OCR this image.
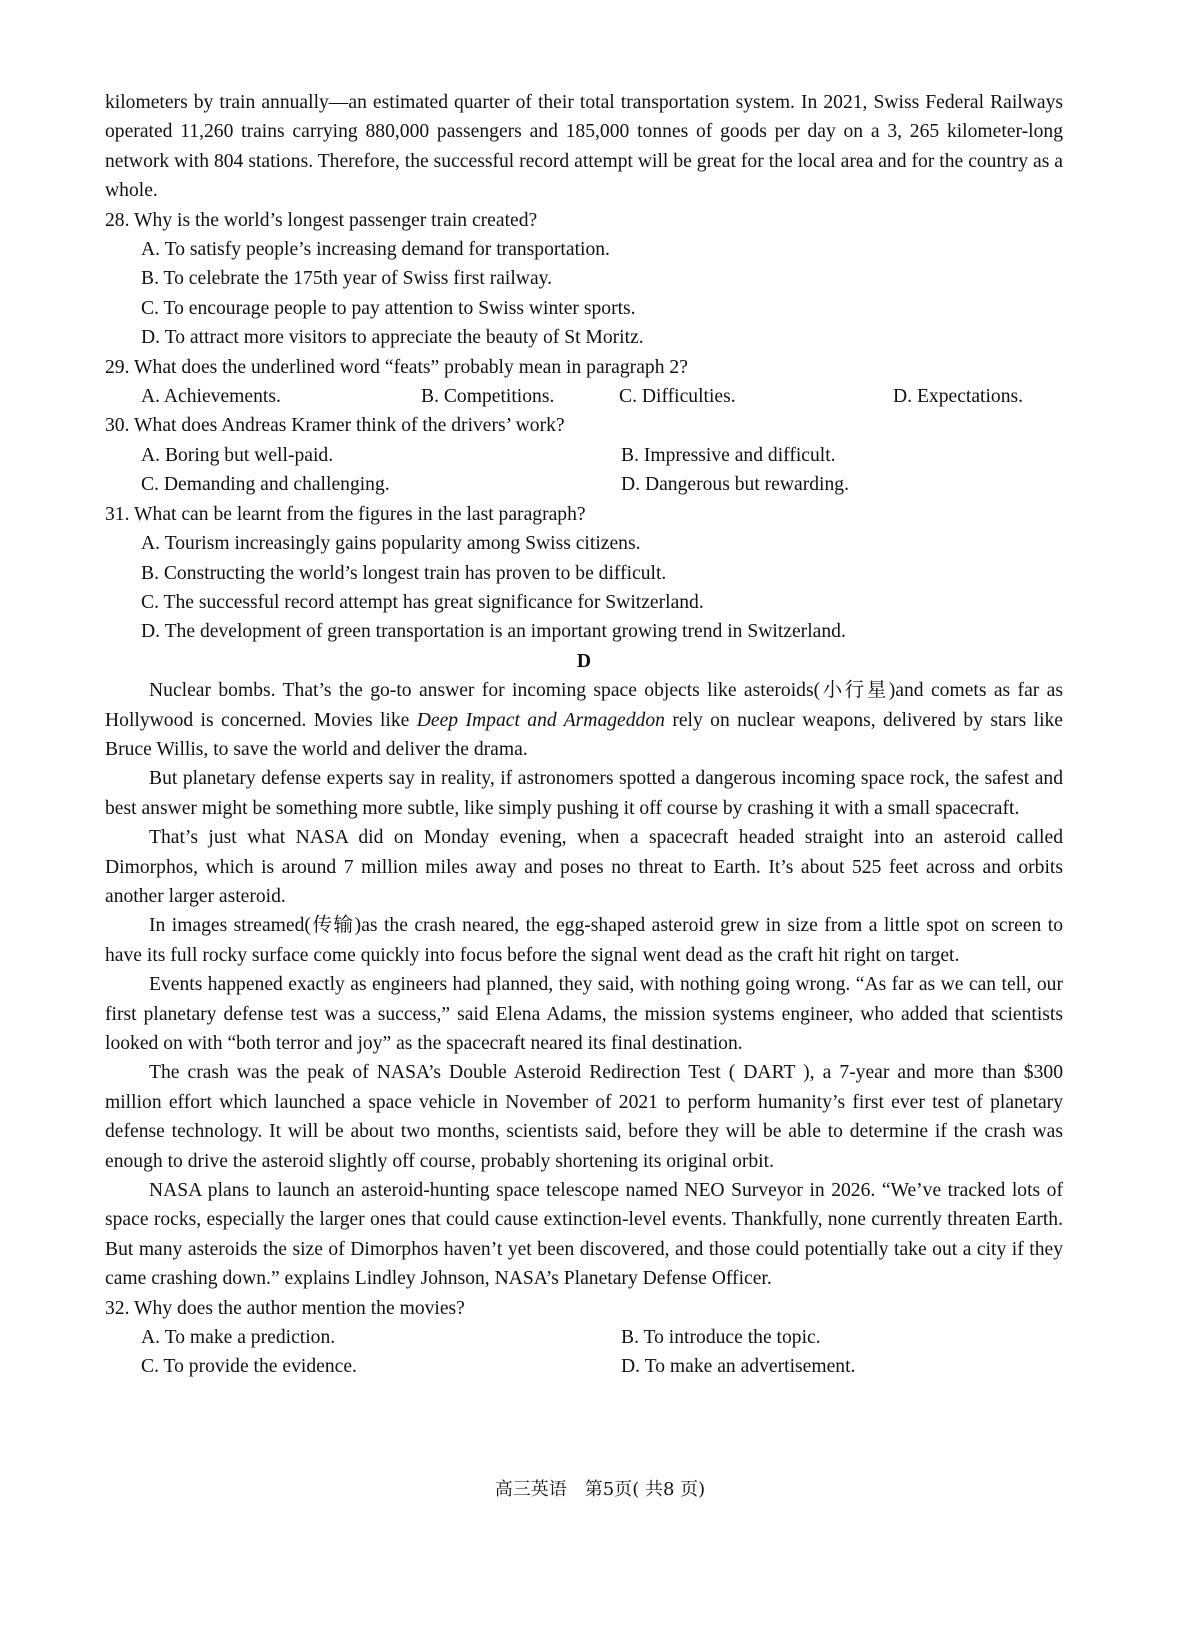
kilometers by train annually—an estimated quarter of their total transportation system. In 2021, Swiss Federal Railways operated 11,260 trains carrying 880,000 passengers and 185,000 tonnes of goods per day on a 3, 265 kilometer-long network with 804 stations. Therefore, the successful record attempt will be great for the local area and for the country as a whole.

28. Why is the world’s longest passenger train created?

A. To satisfy people’s increasing demand for transportation.

B. To celebrate the 175th year of Swiss first railway.

C. To encourage people to pay attention to Swiss winter sports.

D. To attract more visitors to appreciate the beauty of St Moritz.

29. What does the underlined word “feats” probably mean in paragraph 2?

A. Achievements.	B. Competitions.	C. Difficulties.	D. Expectations.

30. What does Andreas Kramer think of the drivers’ work?

A. Boring but well-paid.	B. Impressive and difficult.
C. Demanding and challenging.	D. Dangerous but rewarding.

31. What can be learnt from the figures in the last paragraph?

A. Tourism increasingly gains popularity among Swiss citizens.

B. Constructing the world’s longest train has proven to be difficult.

C. The successful record attempt has great significance for Switzerland.

D. The development of green transportation is an important growing trend in Switzerland.

D

Nuclear bombs. That’s the go-to answer for incoming space objects like asteroids(小行星)and comets as far as Hollywood is concerned. Movies like Deep Impact and Armageddon rely on nuclear weapons, delivered by stars like Bruce Willis, to save the world and deliver the drama.

But planetary defense experts say in reality, if astronomers spotted a dangerous incoming space rock, the safest and best answer might be something more subtle, like simply pushing it off course by crashing it with a small spacecraft.

That’s just what NASA did on Monday evening, when a spacecraft headed straight into an asteroid called Dimorphos, which is around 7 million miles away and poses no threat to Earth. It’s about 525 feet across and orbits another larger asteroid.

In images streamed(传输)as the crash neared, the egg-shaped asteroid grew in size from a little spot on screen to have its full rocky surface come quickly into focus before the signal went dead as the craft hit right on target.

Events happened exactly as engineers had planned, they said, with nothing going wrong. “As far as we can tell, our first planetary defense test was a success,” said Elena Adams, the mission systems engineer, who added that scientists looked on with “both terror and joy” as the spacecraft neared its final destination.

The crash was the peak of NASA’s Double Asteroid Redirection Test ( DART ), a 7-year and more than $300 million effort which launched a space vehicle in November of 2021 to perform humanity’s first ever test of planetary defense technology. It will be about two months, scientists said, before they will be able to determine if the crash was enough to drive the asteroid slightly off course, probably shortening its original orbit.

NASA plans to launch an asteroid-hunting space telescope named NEO Surveyor in 2026. “We’ve tracked lots of space rocks, especially the larger ones that could cause extinction-level events. Thankfully, none currently threaten Earth. But many asteroids the size of Dimorphos haven’t yet been discovered, and those could potentially take out a city if they came crashing down.” explains Lindley Johnson, NASA’s Planetary Defense Officer.

32. Why does the author mention the movies?

A. To make a prediction.	B. To introduce the topic.
C. To provide the evidence.	D. To make an advertisement.
高三英语　第5页( 共8 页)
